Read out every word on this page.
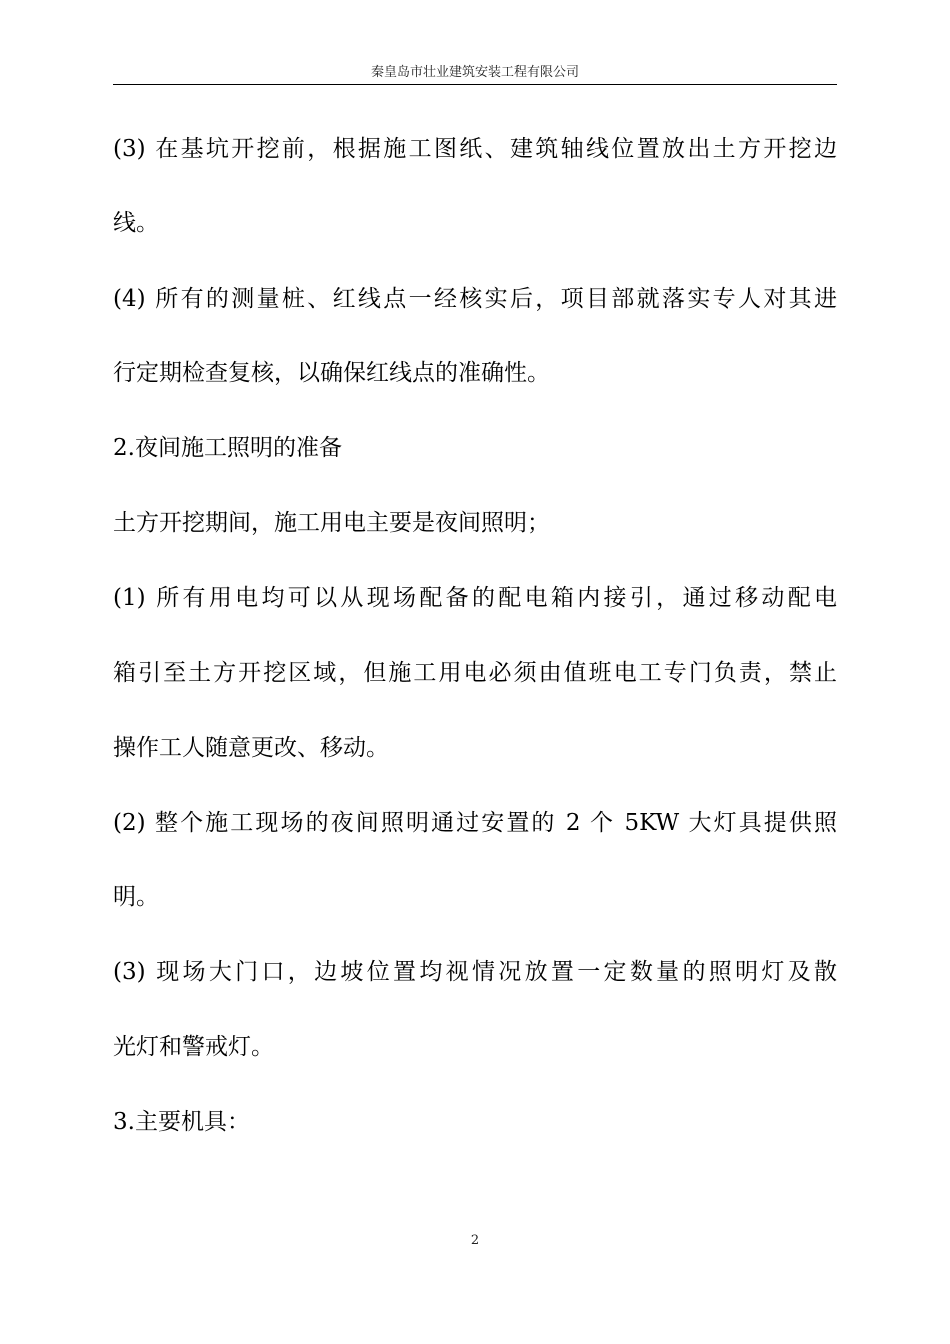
秦皇岛市壮业建筑安装工程有限公司
(3) 在基坑开挖前，根据施工图纸、建筑轴线位置放出土方开挖边
线。
(4) 所有的测量桩、红线点一经核实后，项目部就落实专人对其进
行定期检查复核，以确保红线点的准确性。
2.夜间施工照明的准备
土方开挖期间，施工用电主要是夜间照明；
(1) 所有用电均可以从现场配备的配电箱内接引，通过移动配电
箱引至土方开挖区域，但施工用电必须由值班电工专门负责，禁止
操作工人随意更改、移动。
(2) 整个施工现场的夜间照明通过安置的 2 个 5KW 大灯具提供照
明。
(3) 现场大门口，边坡位置均视情况放置一定数量的照明灯及散
光灯和警戒灯。
3.主要机具：
2
